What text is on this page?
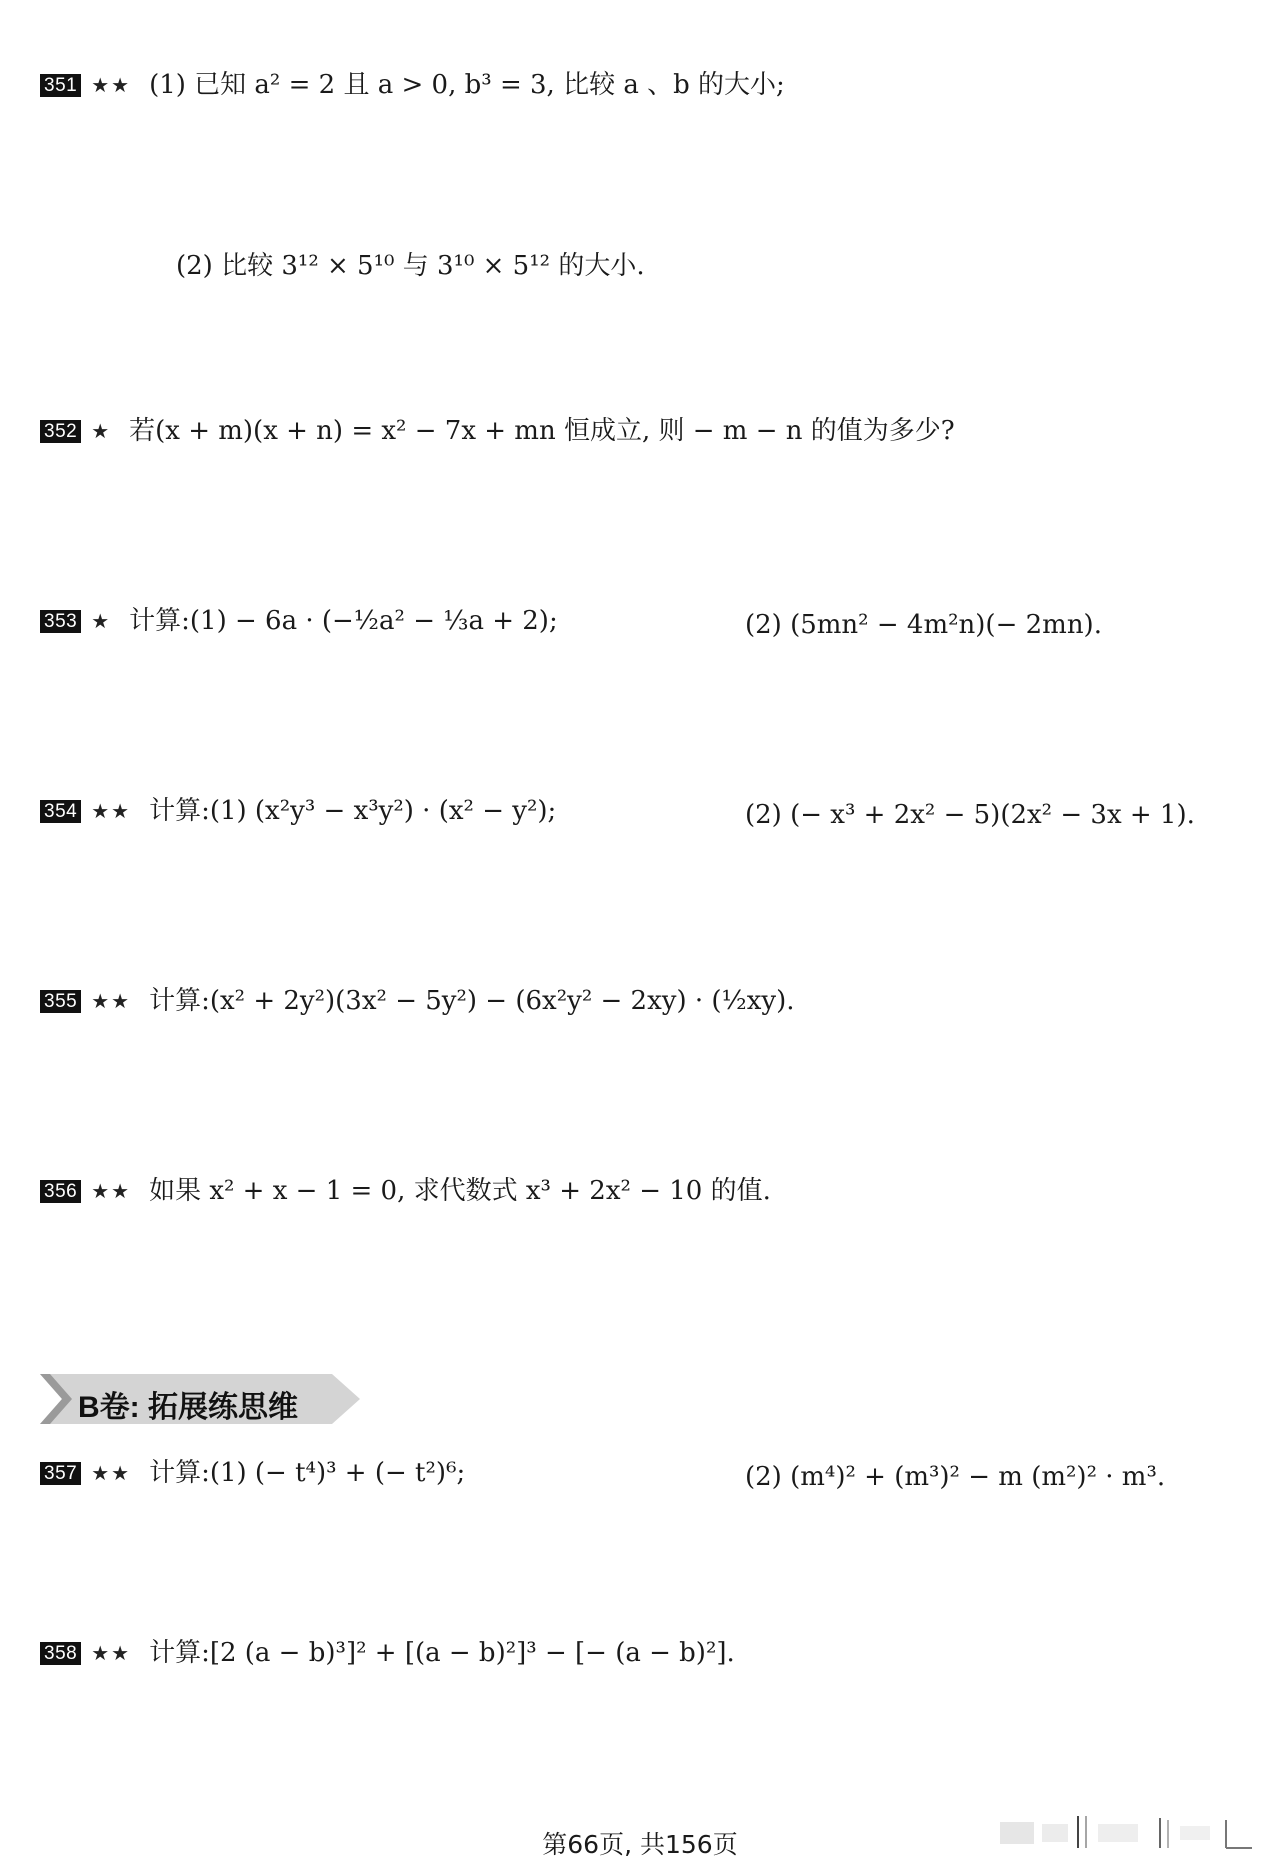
351 ★★ (1) 已知 a² = 2 且 a > 0, b³ = 3, 比较 a 、b 的大小;
(2) 比较 3¹² × 5¹⁰ 与 3¹⁰ × 5¹² 的大小.
352 ★ 若(x + m)(x + n) = x² − 7x + mn 恒成立, 则 − m − n 的值为多少?
353 ★ 计算:(1) − 6a · (−½a² − ⅓a + 2);	(2) (5mn² − 4m²n)(− 2mn).
354 ★★ 计算:(1) (x²y³ − x³y²) · (x² − y²);	(2) (− x³ + 2x² − 5)(2x² − 3x + 1).
355 ★★ 计算:(x² + 2y²)(3x² − 5y²) − (6x²y² − 2xy) · (½xy).
356 ★★ 如果 x² + x − 1 = 0, 求代数式 x³ + 2x² − 10 的值.
B卷: 拓展练思维
357 ★★ 计算:(1) (− t⁴)³ + (− t²)⁶;	(2) (m⁴)² + (m³)² − m (m²)² · m³.
358 ★★ 计算:[2 (a − b)³]² + [(a − b)²]³ − [− (a − b)²].
第66页, 共156页
